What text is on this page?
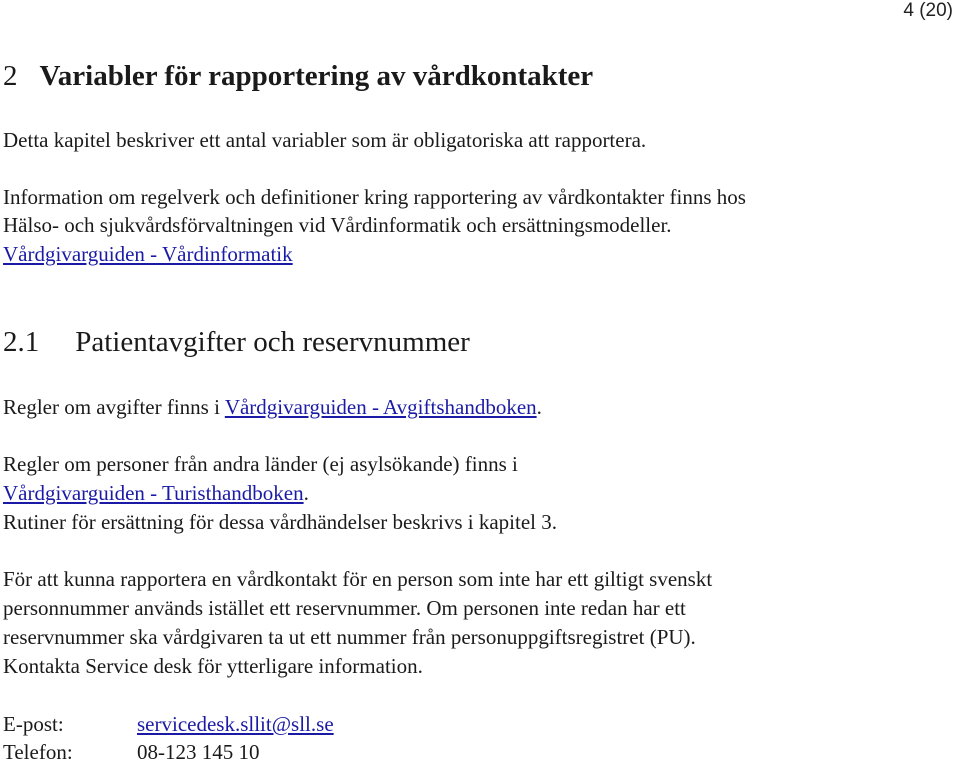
4 (20)
2 Variabler för rapportering av vårdkontakter
Detta kapitel beskriver ett antal variabler som är obligatoriska att rapportera.
Information om regelverk och definitioner kring rapportering av vårdkontakter finns hos
Hälso- och sjukvårdsförvaltningen vid Vårdinformatik och ersättningsmodeller.
Vårdgivarguiden - Vårdinformatik
2.1 Patientavgifter och reservnummer
Regler om avgifter finns i Vårdgivarguiden - Avgiftshandboken.
Regler om personer från andra länder (ej asylsökande) finns i
Vårdgivarguiden - Turisthandboken.
Rutiner för ersättning för dessa vårdhändelser beskrivs i kapitel 3.
För att kunna rapportera en vårdkontakt för en person som inte har ett giltigt svenskt
personnummer används istället ett reservnummer. Om personen inte redan har ett
reservnummer ska vårdgivaren ta ut ett nummer från personuppgiftsregistret (PU).
Kontakta Service desk för ytterligare information.
E-post:	servicedesk.sllit@sll.se
Telefon:	08-123 145 10
